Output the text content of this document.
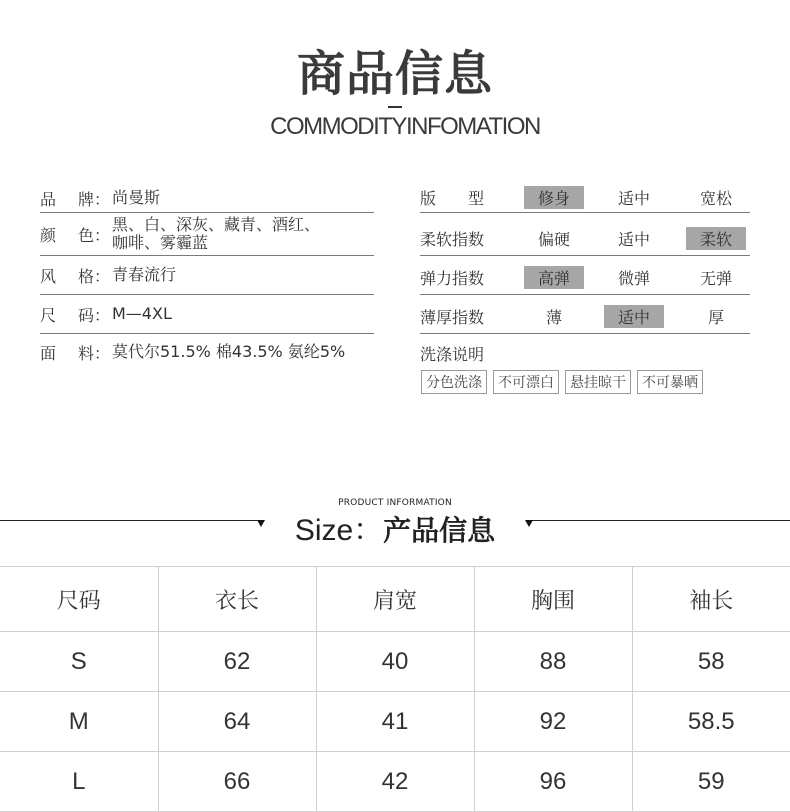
商品信息
COMMODITYINFOMATION
品 牌： 尚曼斯
颜 色：
黑、白、深灰、藏青、酒红、
咖啡、雾霾蓝
风 格： 青春流行
尺 码： M—4XL
面 料： 莫代尔51.5% 棉43.5% 氨纶5%
版　　型	修身	适中	宽松
柔软指数	偏硬	适中	柔软
弹力指数	高弹	微弹	无弹
薄厚指数	薄	适中	厚
洗涤说明
分色洗涤	不可漂白	悬挂晾干	不可暴晒
PRODUCT INFORMATION
Size：产品信息
尺码	衣长	肩宽	胸围	袖长
S	62	40	88	58
M	64	41	92	58.5
L	66	42	96	59
